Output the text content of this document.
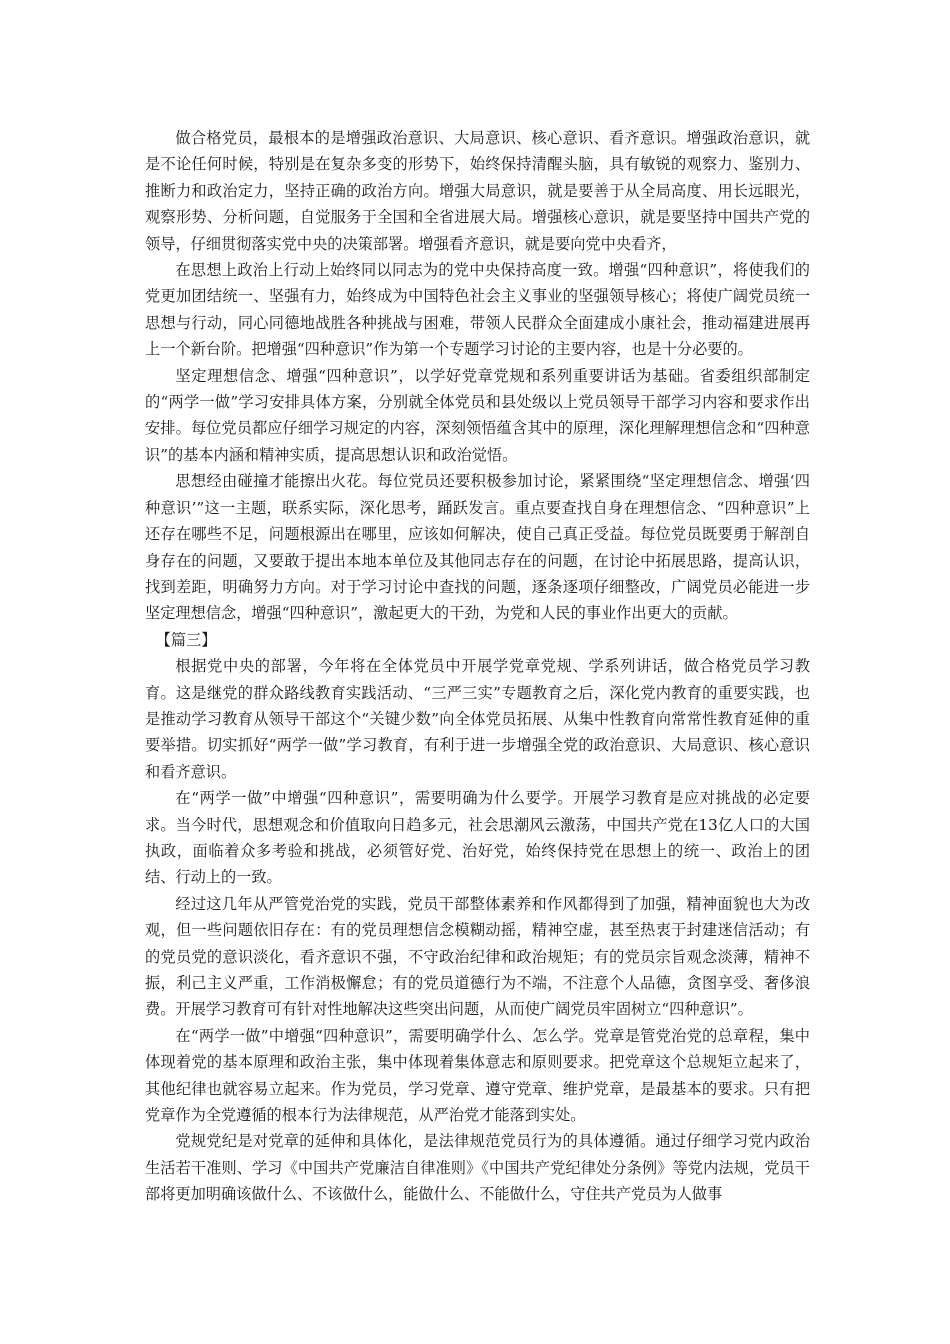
做合格党员，最根本的是增强政治意识、大局意识、核心意识、看齐意识。增强政治意识，就是不论任何时候，特别是在复杂多变的形势下，始终保持清醒头脑，具有敏锐的观察力、鉴别力、推断力和政治定力，坚持正确的政治方向。增强大局意识，就是要善于从全局高度、用长远眼光，观察形势、分析问题，自觉服务于全国和全省进展大局。增强核心意识，就是要坚持中国共产党的领导，仔细贯彻落实党中央的决策部署。增强看齐意识，就是要向党中央看齐，

在思想上政治上行动上始终同以同志为的党中央保持高度一致。增强“四种意识”，将使我们的党更加团结统一、坚强有力，始终成为中国特色社会主义事业的坚强领导核心；将使广阔党员统一思想与行动，同心同德地战胜各种挑战与困难，带领人民群众全面建成小康社会，推动福建进展再上一个新台阶。把增强“四种意识”作为第一个专题学习讨论的主要内容，也是十分必要的。

坚定理想信念、增强“四种意识”，以学好党章党规和系列重要讲话为基础。省委组织部制定的“两学一做”学习安排具体方案，分别就全体党员和县处级以上党员领导干部学习内容和要求作出安排。每位党员都应仔细学习规定的内容，深刻领悟蕴含其中的原理，深化理解理想信念和“四种意识”的基本内涵和精神实质，提高思想认识和政治觉悟。

思想经由碰撞才能擦出火花。每位党员还要积极参加讨论，紧紧围绕“坚定理想信念、增强‘四种意识’”这一主题，联系实际，深化思考，踊跃发言。重点要查找自身在理想信念、“四种意识”上还存在哪些不足，问题根源出在哪里，应该如何解决，使自己真正受益。每位党员既要勇于解剖自身存在的问题，又要敢于提出本地本单位及其他同志存在的问题，在讨论中拓展思路，提高认识，找到差距，明确努力方向。对于学习讨论中查找的问题，逐条逐项仔细整改，广阔党员必能进一步坚定理想信念，增强“四种意识”，激起更大的干劲，为党和人民的事业作出更大的贡献。

【篇三】

根据党中央的部署，今年将在全体党员中开展学党章党规、学系列讲话，做合格党员学习教育。这是继党的群众路线教育实践活动、“三严三实”专题教育之后，深化党内教育的重要实践，也是推动学习教育从领导干部这个“关键少数”向全体党员拓展、从集中性教育向常常性教育延伸的重要举措。切实抓好“两学一做”学习教育，有利于进一步增强全党的政治意识、大局意识、核心意识和看齐意识。

在“两学一做”中增强“四种意识”，需要明确为什么要学。开展学习教育是应对挑战的必定要求。当今时代，思想观念和价值取向日趋多元，社会思潮风云激荡，中国共产党在13亿人口的大国执政，面临着众多考验和挑战，必须管好党、治好党，始终保持党在思想上的统一、政治上的团结、行动上的一致。

经过这几年从严管党治党的实践，党员干部整体素养和作风都得到了加强，精神面貌也大为改观，但一些问题依旧存在：有的党员理想信念模糊动摇，精神空虚，甚至热衷于封建迷信活动；有的党员党的意识淡化，看齐意识不强，不守政治纪律和政治规矩；有的党员宗旨观念淡薄，精神不振，利己主义严重，工作消极懈怠；有的党员道德行为不端，不注意个人品德，贪图享受、奢侈浪费。开展学习教育可有针对性地解决这些突出问题，从而使广阔党员牢固树立“四种意识”。

在“两学一做”中增强“四种意识”，需要明确学什么、怎么学。党章是管党治党的总章程，集中体现着党的基本原理和政治主张，集中体现着集体意志和原则要求。把党章这个总规矩立起来了，其他纪律也就容易立起来。作为党员，学习党章、遵守党章、维护党章，是最基本的要求。只有把党章作为全党遵循的根本行为法律规范，从严治党才能落到实处。

党规党纪是对党章的延伸和具体化，是法律规范党员行为的具体遵循。通过仔细学习党内政治生活若干准则、学习《中国共产党廉洁自律准则》《中国共产党纪律处分条例》等党内法规，党员干部将更加明确该做什么、不该做什么，能做什么、不能做什么，守住共产党员为人做事
